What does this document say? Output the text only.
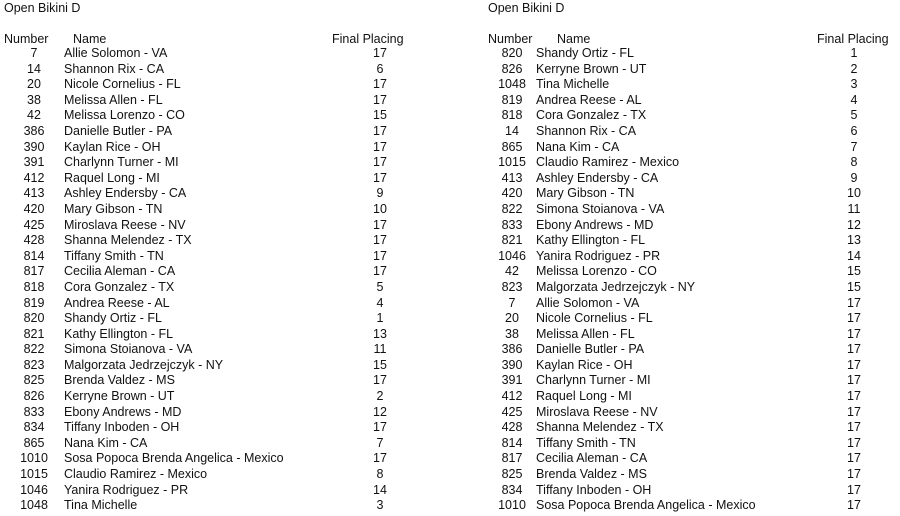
Open Bikini D
Number Name	Final Placing
7	Allie Solomon - VA	17
14	Shannon Rix - CA	6
20	Nicole Cornelius - FL	17
38	Melissa Allen - FL	17
42	Melissa Lorenzo - CO	15
386	Danielle Butler - PA	17
390	Kaylan Rice - OH	17
391	Charlynn Turner - MI	17
412	Raquel Long - MI	17
413	Ashley Endersby - CA	9
420	Mary Gibson - TN	10
425	Miroslava Reese - NV	17
428	Shanna Melendez - TX	17
814	Tiffany Smith - TN	17
817	Cecilia Aleman - CA	17
818	Cora Gonzalez - TX	5
819	Andrea Reese - AL	4
820	Shandy Ortiz - FL	1
821	Kathy Ellington - FL	13
822	Simona Stoianova - VA	11
823	Malgorzata Jedrzejczyk - NY	15
825	Brenda Valdez - MS	17
826	Kerryne Brown - UT	2
833	Ebony Andrews - MD	12
834	Tiffany Inboden - OH	17
865	Nana Kim - CA	7
1010	Sosa Popoca Brenda Angelica - Mexico	17
1015	Claudio Ramirez - Mexico	8
1046	Yanira Rodriguez - PR	14
1048	Tina Michelle	3
Open Bikini D
Number Name	Final Placing
820	Shandy Ortiz - FL	1
826	Kerryne Brown - UT	2
1048	Tina Michelle	3
819	Andrea Reese - AL	4
818	Cora Gonzalez - TX	5
14	Shannon Rix - CA	6
865	Nana Kim - CA	7
1015	Claudio Ramirez - Mexico	8
413	Ashley Endersby - CA	9
420	Mary Gibson - TN	10
822	Simona Stoianova - VA	11
833	Ebony Andrews - MD	12
821	Kathy Ellington - FL	13
1046	Yanira Rodriguez - PR	14
42	Melissa Lorenzo - CO	15
823	Malgorzata Jedrzejczyk - NY	15
7	Allie Solomon - VA	17
20	Nicole Cornelius - FL	17
38	Melissa Allen - FL	17
386	Danielle Butler - PA	17
390	Kaylan Rice - OH	17
391	Charlynn Turner - MI	17
412	Raquel Long - MI	17
425	Miroslava Reese - NV	17
428	Shanna Melendez - TX	17
814	Tiffany Smith - TN	17
817	Cecilia Aleman - CA	17
825	Brenda Valdez - MS	17
834	Tiffany Inboden - OH	17
1010	Sosa Popoca Brenda Angelica - Mexico	17
